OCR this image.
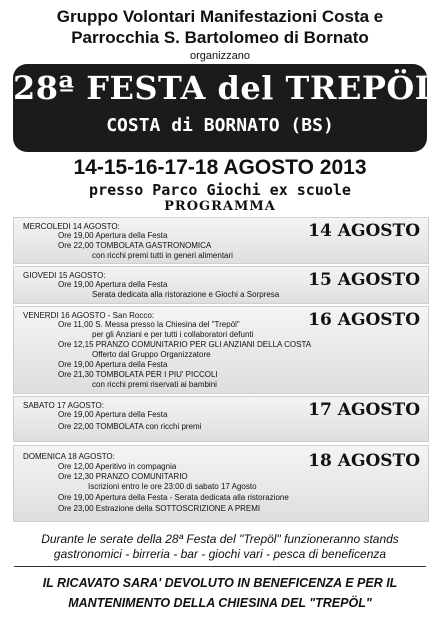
Gruppo Volontari Manifestazioni Costa e
Parrocchia S. Bartolomeo di Bornato
organizzano
28ª FESTA del TREPÖL
COSTA di BORNATO (BS)
14-15-16-17-18 AGOSTO 2013
presso Parco Giochi ex scuole
PROGRAMMA
MERCOLEDI 14 AGOSTO:	14 AGOSTO
Ore 19,00 Apertura della Festa
Ore 22,00 TOMBOLATA GASTRONOMICA
con ricchi premi tutti in generi alimentari
GIOVEDI 15 AGOSTO:	15 AGOSTO
Ore 19,00 Apertura della Festa
Serata dedicata alla ristorazione e Giochi a Sorpresa
VENERDI 16 AGOSTO - San Rocco:	16 AGOSTO
Ore 11,00 S. Messa presso la Chiesina del "Trepöl"
per gli Anziani e per tutti i collaboratori defunti
Ore 12,15 PRANZO COMUNITARIO PER GLI ANZIANI DELLA COSTA
Offerto dal Gruppo Organizzatore
Ore 19,00 Apertura della Festa
Ore 21,30 TOMBOLATA PER I PIU' PICCOLI
con ricchi premi riservati ai bambini
SABATO 17 AGOSTO:	17 AGOSTO
Ore 19,00 Apertura della Festa
Ore 22,00 TOMBOLATA con ricchi premi
DOMENICA 18 AGOSTO:	18 AGOSTO
Ore 12,00 Aperitivo in compagnia
Ore 12,30 PRANZO COMUNITARIO
Iscrizioni entro le ore 23:00 di sabato 17 Agosto
Ore 19,00 Apertura della Festa - Serata dedicata alla ristorazione
Ore 23,00 Estrazione della SOTTOSCRIZIONE A PREMI
Durante le serate della 28ª Festa del "Trepöl" funzioneranno stands
gastronomici - birreria - bar - giochi vari - pesca di beneficenza
IL RICAVATO SARA' DEVOLUTO IN BENEFICENZA E PER IL
MANTENIMENTO DELLA CHIESINA DEL "TREPÖL"
